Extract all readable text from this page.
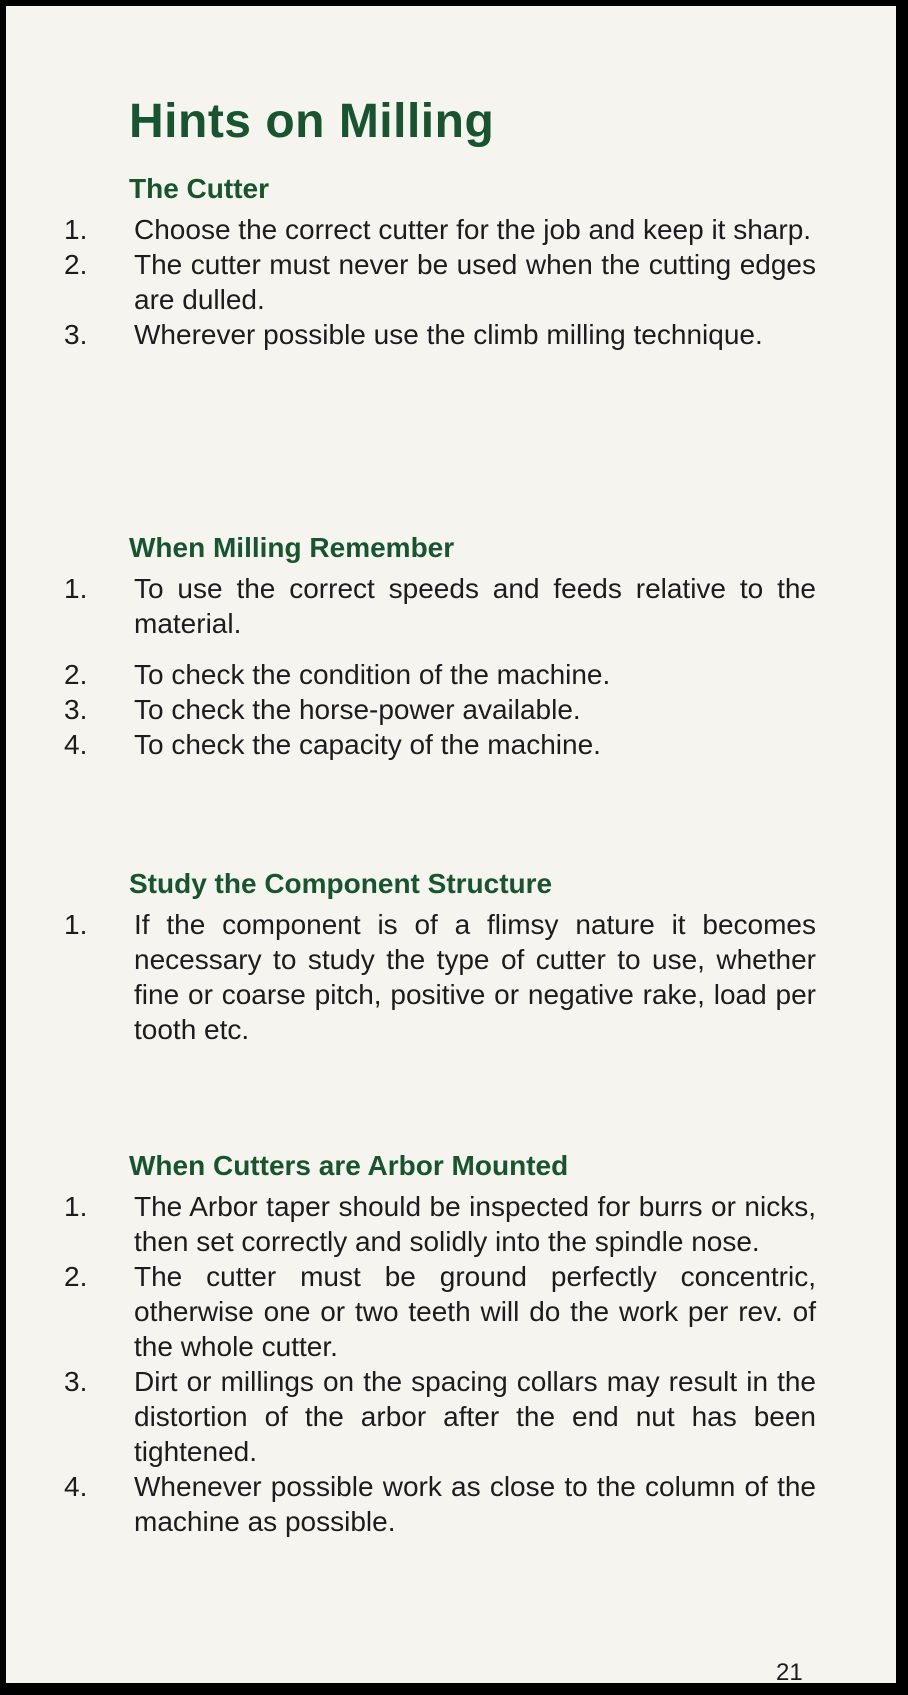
Hints on Milling
The Cutter
1. Choose the correct cutter for the job and keep it sharp.
2. The cutter must never be used when the cutting edges are dulled.
3. Wherever possible use the climb milling technique.
When Milling Remember
1. To use the correct speeds and feeds relative to the material.
2. To check the condition of the machine.
3. To check the horse-power available.
4. To check the capacity of the machine.
Study the Component Structure
1. If the component is of a flimsy nature it becomes necessary to study the type of cutter to use, whether fine or coarse pitch, positive or negative rake, load per tooth etc.
When Cutters are Arbor Mounted
1. The Arbor taper should be inspected for burrs or nicks, then set correctly and solidly into the spindle nose.
2. The cutter must be ground perfectly concentric, otherwise one or two teeth will do the work per rev. of the whole cutter.
3. Dirt or millings on the spacing collars may result in the distortion of the arbor after the end nut has been tightened.
4. Whenever possible work as close to the column of the machine as possible.
21
